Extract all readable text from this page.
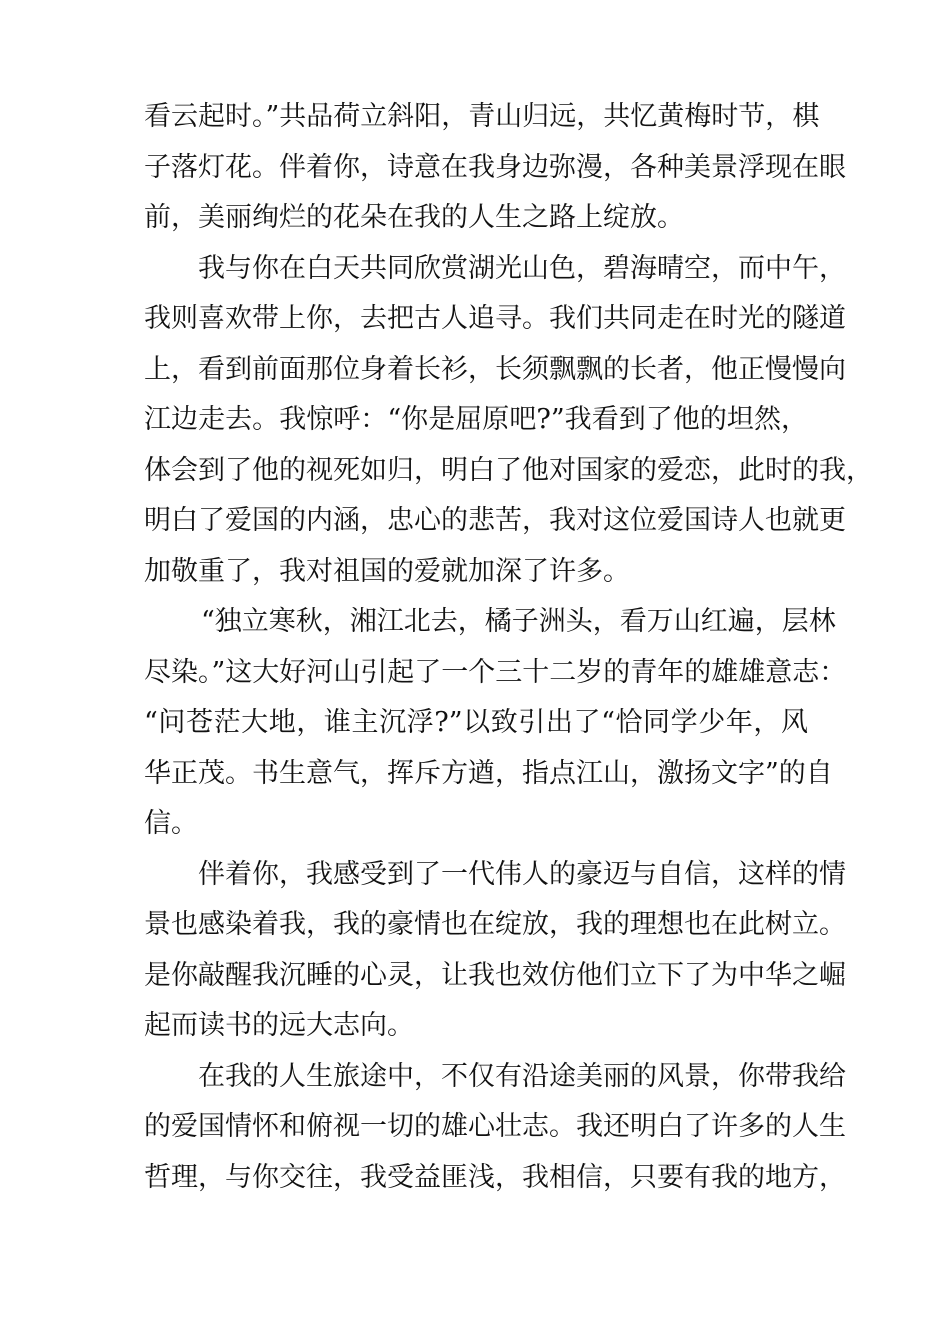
看云起时。”共品荷立斜阳，青山归远，共忆黄梅时节，棋
子落灯花。伴着你，诗意在我身边弥漫，各种美景浮现在眼
前，美丽绚烂的花朵在我的人生之路上绽放。
我与你在白天共同欣赏湖光山色，碧海晴空，而中午，
我则喜欢带上你，去把古人追寻。我们共同走在时光的隧道
上，看到前面那位身着长衫，长须飘飘的长者，他正慢慢向
江边走去。我惊呼：“你是屈原吧?”我看到了他的坦然，
体会到了他的视死如归，明白了他对国家的爱恋，此时的我，
明白了爱国的内涵，忠心的悲苦，我对这位爱国诗人也就更
加敬重了，我对祖国的爱就加深了许多。
“独立寒秋，湘江北去，橘子洲头，看万山红遍，层林
尽染。”这大好河山引起了一个三十二岁的青年的雄雄意志：
“问苍茫大地，谁主沉浮?”以致引出了“恰同学少年，风
华正茂。书生意气，挥斥方遒，指点江山，激扬文字”的自
信。
伴着你，我感受到了一代伟人的豪迈与自信，这样的情
景也感染着我，我的豪情也在绽放，我的理想也在此树立。
是你敲醒我沉睡的心灵，让我也效仿他们立下了为中华之崛
起而读书的远大志向。
在我的人生旅途中，不仅有沿途美丽的风景，你带我给
的爱国情怀和俯视一切的雄心壮志。我还明白了许多的人生
哲理，与你交往，我受益匪浅，我相信，只要有我的地方，
